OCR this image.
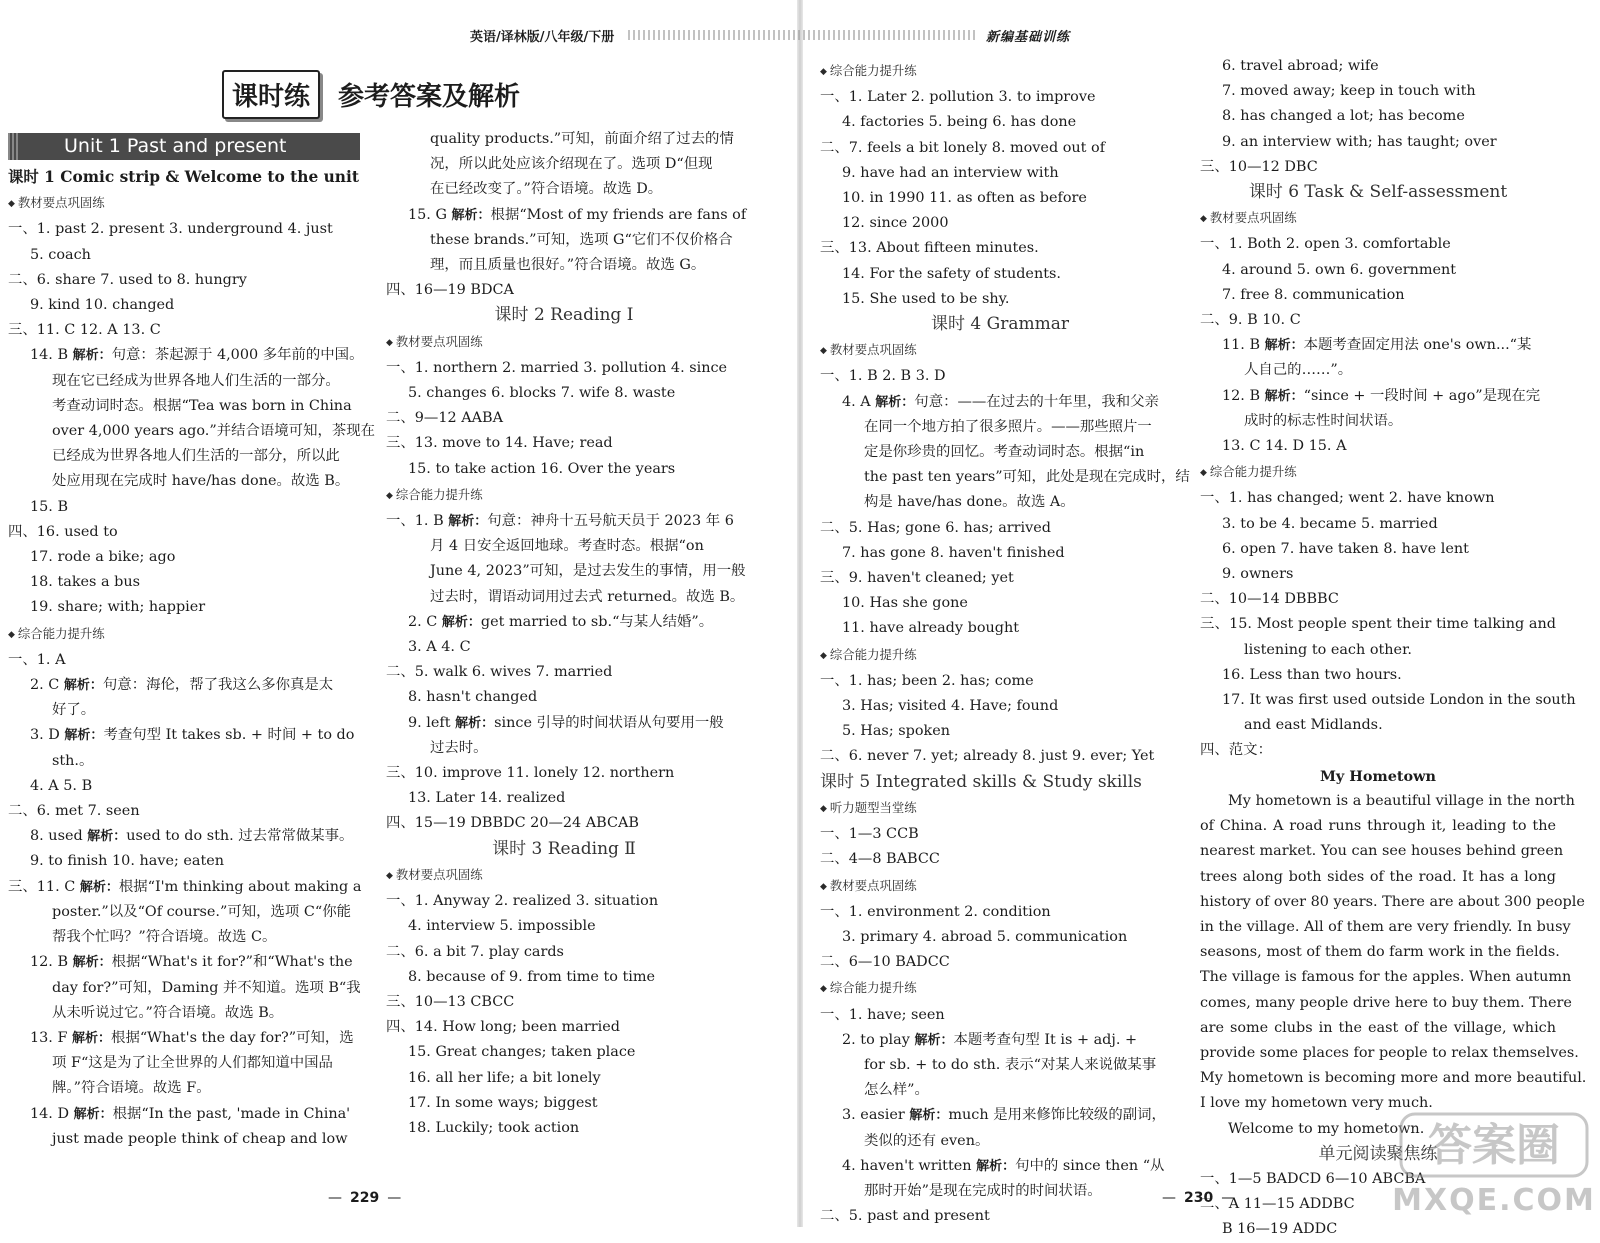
课时练	参考答案及解析
Unit 1 Past and present
课时 1 Comic strip & Welcome to the unit
◆ 教材要点巩固练
一、1. past 2. present 3. underground 4. just
5. coach
二、6. share 7. used to 8. hungry
9. kind 10. changed
三、11. C 12. A 13. C
14. B 解析：句意：茶起源于 4,000 多年前的中国。
现在它已经成为世界各地人们生活的一部分。
考查动词时态。根据“Tea was born in China
over 4,000 years ago.”并结合语境可知，茶现在
已经成为世界各地人们生活的一部分，所以此
处应用现在完成时 have/has done。故选 B。
15. B
四、16. used to
17. rode a bike; ago
18. takes a bus
19. share; with; happier
◆ 综合能力提升练
一、1. A
2. C 解析：句意：海伦，帮了我这么多你真是太
好了。
3. D 解析：考查句型 It takes sb. + 时间 + to do
sth.。
4. A 5. B
二、6. met 7. seen
8. used 解析：used to do sth. 过去常常做某事。
9. to finish 10. have; eaten
三、11. C 解析：根据“I'm thinking about making a
poster.”以及“Of course.”可知，选项 C“你能
帮我个忙吗？”符合语境。故选 C。
12. B 解析：根据“What's it for?”和“What's the
day for?”可知，Daming 并不知道。选项 B“我
从未听说过它。”符合语境。故选 B。
13. F 解析：根据“What's the day for?”可知，选
项 F“这是为了让全世界的人们都知道中国品
牌。”符合语境。故选 F。
14. D 解析：根据“In the past, 'made in China'
just made people think of cheap and low
quality products.”可知，前面介绍了过去的情
况，所以此处应该介绍现在了。选项 D“但现
在已经改变了。”符合语境。故选 D。
15. G 解析：根据“Most of my friends are fans of
these brands.”可知，选项 G“它们不仅价格合
理，而且质量也很好。”符合语境。故选 G。
四、16—19 BDCA
课时 2 Reading Ⅰ
◆ 教材要点巩固练
一、1. northern 2. married 3. pollution 4. since
5. changes 6. blocks 7. wife 8. waste
二、9—12 AABA
三、13. move to 14. Have; read
15. to take action 16. Over the years
◆ 综合能力提升练
一、1. B 解析：句意：神舟十五号航天员于 2023 年 6
月 4 日安全返回地球。考查时态。根据“on
June 4, 2023”可知，是过去发生的事情，用一般
过去时，谓语动词用过去式 returned。故选 B。
2. C 解析：get married to sb.“与某人结婚”。
3. A 4. C
二、5. walk 6. wives 7. married
8. hasn't changed
9. left 解析：since 引导的时间状语从句要用一般
过去时。
三、10. improve 11. lonely 12. northern
13. Later 14. realized
四、15—19 DBBDC 20—24 ABCAB
课时 3 Reading Ⅱ
◆ 教材要点巩固练
一、1. Anyway 2. realized 3. situation
4. interview 5. impossible
二、6. a bit 7. play cards
8. because of 9. from time to time
三、10—13 CBCC
四、14. How long; been married
15. Great changes; taken place
16. all her life; a bit lonely
17. In some ways; biggest
18. Luckily; took action
— 229 —
◆ 综合能力提升练
一、1. Later 2. pollution 3. to improve
4. factories 5. being 6. has done
二、7. feels a bit lonely 8. moved out of
9. have had an interview with
10. in 1990 11. as often as before
12. since 2000
三、13. About fifteen minutes.
14. For the safety of students.
15. She used to be shy.
课时 4 Grammar
◆ 教材要点巩固练
一、1. B 2. B 3. D
4. A 解析：句意：——在过去的十年里，我和父亲
在同一个地方拍了很多照片。——那些照片一
定是你珍贵的回忆。考查动词时态。根据“in
the past ten years”可知，此处是现在完成时，结
构是 have/has done。故选 A。
二、5. Has; gone 6. has; arrived
7. has gone 8. haven't finished
三、9. haven't cleaned; yet
10. Has she gone
11. have already bought
◆ 综合能力提升练
一、1. has; been 2. has; come
3. Has; visited 4. Have; found
5. Has; spoken
二、6. never 7. yet; already 8. just 9. ever; Yet
课时 5 Integrated skills & Study skills
◆ 听力题型当堂练
一、1—3 CCB
二、4—8 BABCC
◆ 教材要点巩固练
一、1. environment 2. condition
3. primary 4. abroad 5. communication
二、6—10 BADCC
◆ 综合能力提升练
一、1. have; seen
2. to play 解析：本题考查句型 It is + adj. +
for sb. + to do sth. 表示“对某人来说做某事
怎么样”。
3. easier 解析：much 是用来修饰比较级的副词，
类似的还有 even。
4. haven't written 解析：句中的 since then “从
那时开始”是现在完成时的时间状语。
二、5. past and present
6. travel abroad; wife
7. moved away; keep in touch with
8. has changed a lot; has become
9. an interview with; has taught; over
三、10—12 DBC
课时 6 Task & Self-assessment
◆ 教材要点巩固练
一、1. Both 2. open 3. comfortable
4. around 5. own 6. government
7. free 8. communication
二、9. B 10. C
11. B 解析：本题考查固定用法 one's own...“某
人自己的……”。
12. B 解析：“since + 一段时间 + ago”是现在完
成时的标志性时间状语。
13. C 14. D 15. A
◆ 综合能力提升练
一、1. has changed; went 2. have known
3. to be 4. became 5. married
6. open 7. have taken 8. have lent
9. owners
二、10—14 DBBBC
三、15. Most people spent their time talking and
listening to each other.
16. Less than two hours.
17. It was first used outside London in the south
and east Midlands.
四、范文：
My Hometown
My hometown is a beautiful village in the north
of China. A road runs through it, leading to the
nearest market. You can see houses behind green
trees along both sides of the road. It has a long
history of over 80 years. There are about 300 people
in the village. All of them are very friendly. In busy
seasons, most of them do farm work in the fields.
The village is famous for the apples. When autumn
comes, many people drive here to buy them. There
are some clubs in the east of the village, which
provide some places for people to relax themselves.
My hometown is becoming more and more beautiful.
I love my hometown very much.
Welcome to my hometown.
单元阅读聚焦练
一、1—5 BADCD 6—10 ABCBA
二、A 11—15 ADDBC
B 16—19 ADDC
— 230 —
英语/译林版/八年级/下册	新编基础训练
答案圈
MXQE.COM
